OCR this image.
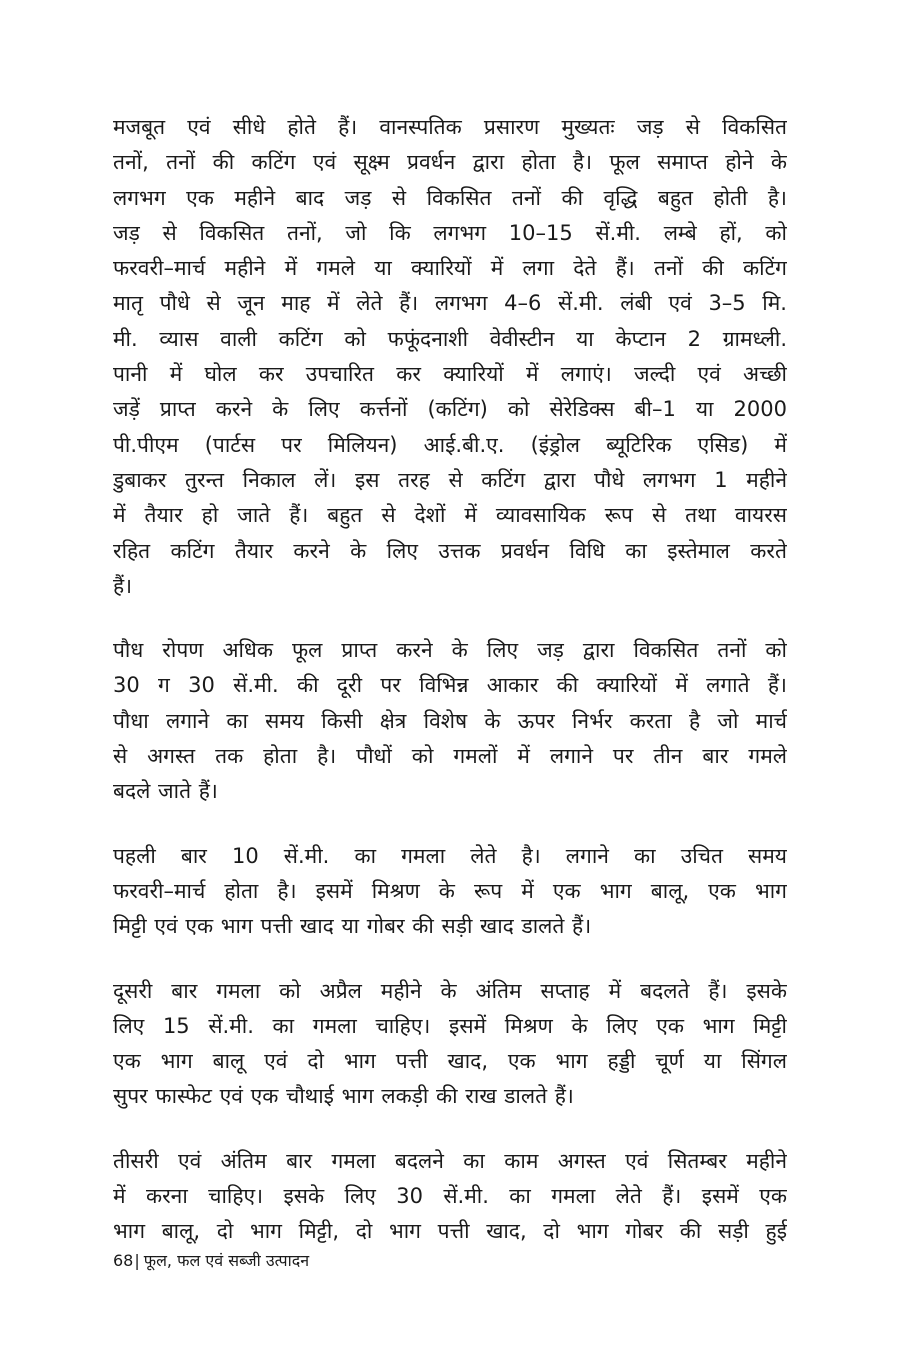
मजबूत एवं सीधे होते हैं। वानस्पतिक प्रसारण मुख्यतः जड़ से विकसित
तनों, तनों की कटिंग एवं सूक्ष्म प्रवर्धन द्वारा होता है। फूल समाप्त होने के
लगभग एक महीने बाद जड़ से विकसित तनों की वृद्धि बहुत होती है।
जड़ से विकसित तनों, जो कि लगभग 10–15 सें.मी. लम्बे हों, को
फरवरी–मार्च महीने में गमले या क्यारियों में लगा देते हैं। तनों की कटिंग
मातृ पौधे से जून माह में लेते हैं। लगभग 4–6 सें.मी. लंबी एवं 3–5 मि.
मी. व्यास वाली कटिंग को फफूंदनाशी वेवीस्टीन या केप्टान 2 ग्रामध्ली.
पानी में घोल कर उपचारित कर क्यारियों में लगाएं। जल्दी एवं अच्छी
जड़ें प्राप्त करने के लिए कर्त्तनों (कटिंग) को सेरेडिक्स बी–1 या 2000
पी.पीएम (पार्टस पर मिलियन) आई.बी.ए. (इंड्रोल ब्यूटिरिक एसिड) में
डुबाकर तुरन्त निकाल लें। इस तरह से कटिंग द्वारा पौधे लगभग 1 महीने
में तैयार हो जाते हैं। बहुत से देशों में व्यावसायिक रूप से तथा वायरस
रहित कटिंग तैयार करने के लिए उत्तक प्रवर्धन विधि का इस्तेमाल करते
हैं।
पौध रोपण अधिक फूल प्राप्त करने के लिए जड़ द्वारा विकसित तनों को
30 ग 30 सें.मी. की दूरी पर विभिन्न आकार की क्यारियों में लगाते हैं।
पौधा लगाने का समय किसी क्षेत्र विशेष के ऊपर निर्भर करता है जो मार्च
से अगस्त तक होता है। पौधों को गमलों में लगाने पर तीन बार गमले
बदले जाते हैं।
पहली बार 10 सें.मी. का गमला लेते है। लगाने का उचित समय
फरवरी–मार्च होता है। इसमें मिश्रण के रूप में एक भाग बालू, एक भाग
मिट्टी एवं एक भाग पत्ती खाद या गोबर की सड़ी खाद डालते हैं।
दूसरी बार गमला को अप्रैल महीने के अंतिम सप्ताह में बदलते हैं। इसके
लिए 15 सें.मी. का गमला चाहिए। इसमें मिश्रण के लिए एक भाग मिट्टी
एक भाग बालू एवं दो भाग पत्ती खाद, एक भाग हड्डी चूर्ण या सिंगल
सुपर फास्फेट एवं एक चौथाई भाग लकड़ी की राख डालते हैं।
तीसरी एवं अंतिम बार गमला बदलने का काम अगस्त एवं सितम्बर महीने
में करना चाहिए। इसके लिए 30 सें.मी. का गमला लेते हैं। इसमें एक
भाग बालू, दो भाग मिट्टी, दो भाग पत्ती खाद, दो भाग गोबर की सड़ी हुई
68| फूल, फल एवं सब्जी उत्पादन
